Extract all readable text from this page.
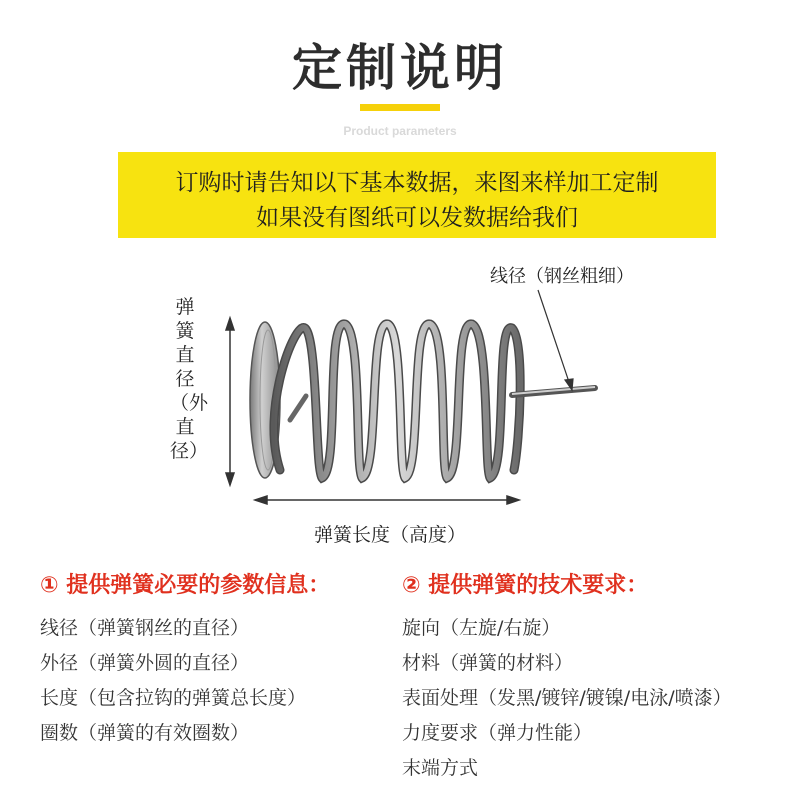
定制说明
Product parameters
订购时请告知以下基本数据，来图来样加工定制
如果没有图纸可以发数据给我们
线径（钢丝粗细）
弹簧直径（外直径）
弹簧长度（高度）
① 提供弹簧必要的参数信息：
线径（弹簧钢丝的直径）
外径（弹簧外圆的直径）
长度（包含拉钩的弹簧总长度）
圈数（弹簧的有效圈数）
② 提供弹簧的技术要求：
旋向（左旋/右旋）
材料（弹簧的材料）
表面处理（发黑/镀锌/镀镍/电泳/喷漆）
力度要求（弹力性能）
末端方式
